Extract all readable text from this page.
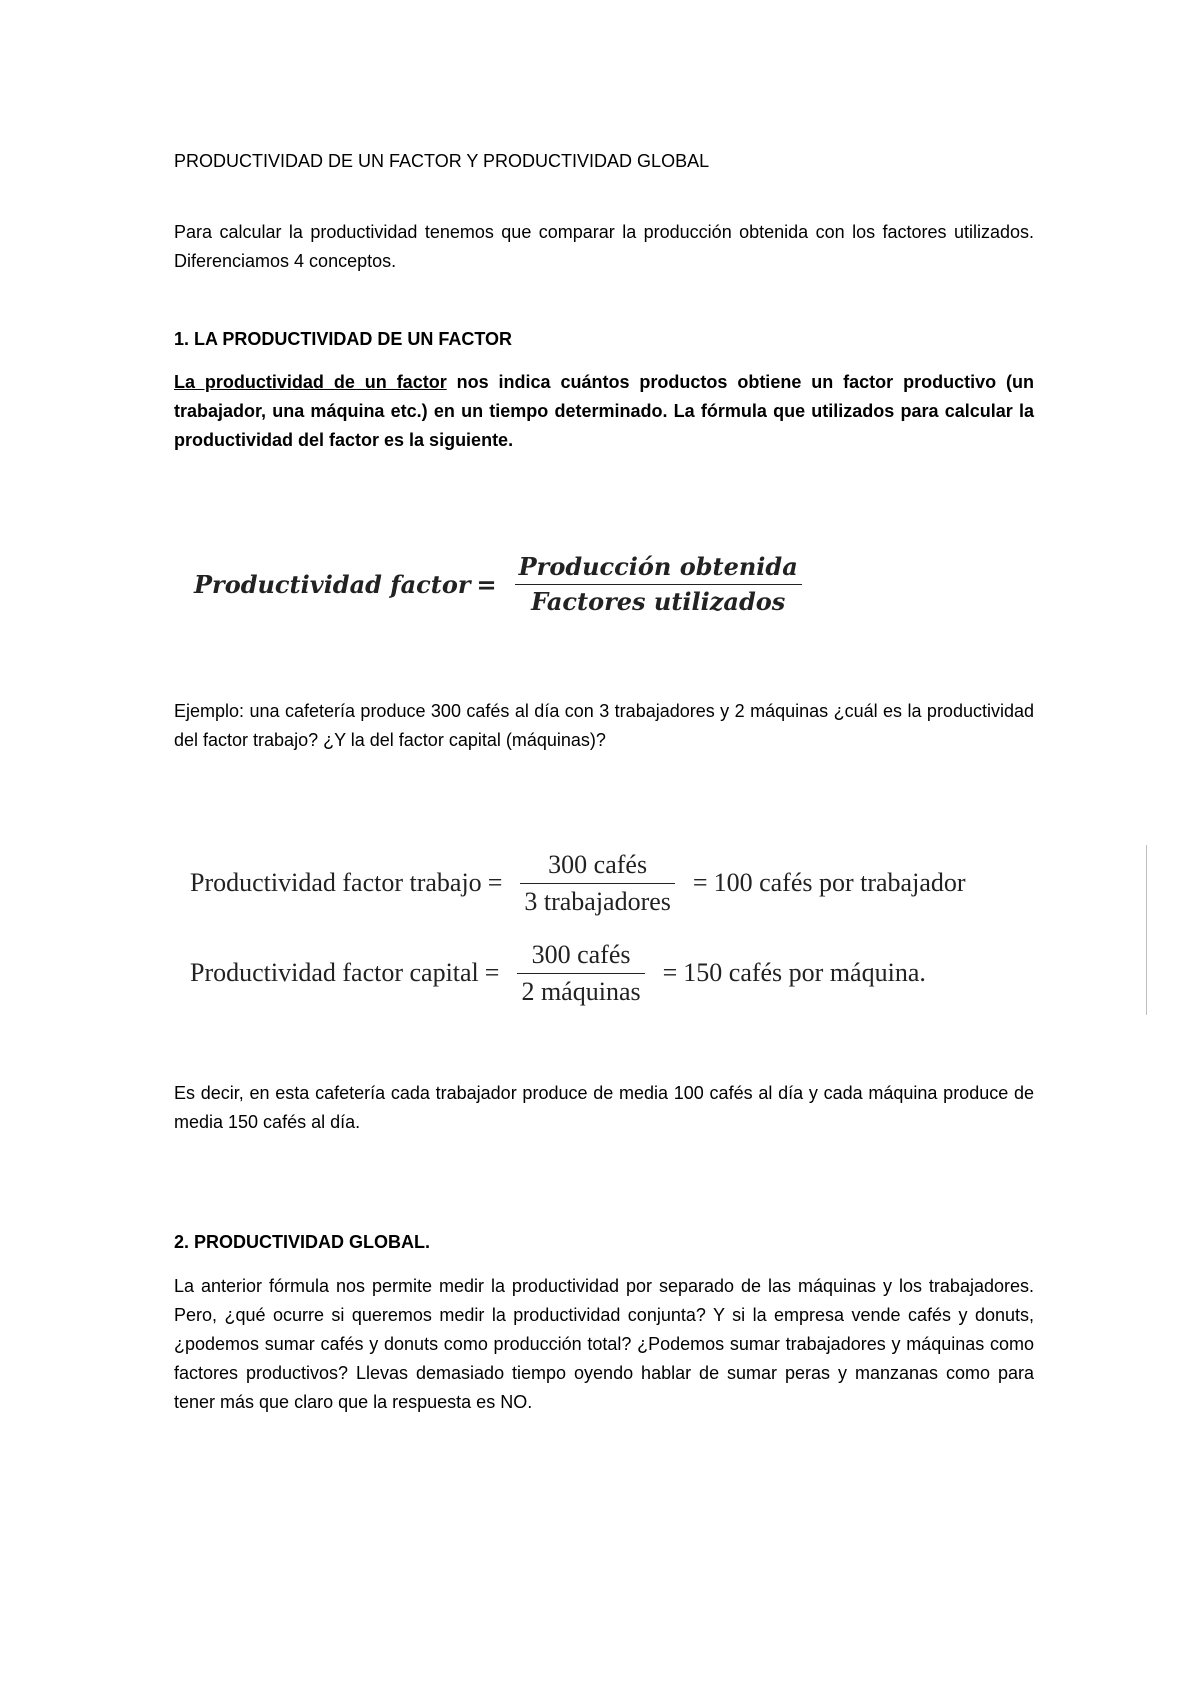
PRODUCTIVIDAD DE UN FACTOR Y PRODUCTIVIDAD GLOBAL

Para calcular la productividad tenemos que comparar la producción obtenida con los factores utilizados. Diferenciamos 4 conceptos.

1. LA PRODUCTIVIDAD DE UN FACTOR

La productividad de un factor nos indica cuántos productos obtiene un factor productivo (un trabajador, una máquina etc.) en un tiempo determinado. La fórmula que utilizados para calcular la productividad del factor es la siguiente.

Productividad factor = $\frac{\text{Producción obtenida}}{\text{Factores utilizados}}$

Ejemplo: una cafetería produce 300 cafés al día con 3 trabajadores y 2 máquinas ¿cuál es la productividad del factor trabajo? ¿Y la del factor capital (máquinas)?

Productividad factor trabajo = $\frac{\text{300 cafés}}{\text{3 trabajadores}} = 100$ cafés por trabajador
Productividad factor capital = $\frac{\text{300 cafés}}{\text{2 máquinas}} = 150$ cafés por máquina.

Es decir, en esta cafetería cada trabajador produce de media 100 cafés al día y cada máquina produce de media 150 cafés al día.

2. PRODUCTIVIDAD GLOBAL.

La anterior fórmula nos permite medir la productividad por separado de las máquinas y los trabajadores. Pero, ¿qué ocurre si queremos medir la productividad conjunta? Y si la empresa vende cafés y donuts, ¿podemos sumar cafés y donuts como producción total? ¿Podemos sumar trabajadores y máquinas como factores productivos? Llevas demasiado tiempo oyendo hablar de sumar peras y manzanas como para tener más que claro que la respuesta es NO.
